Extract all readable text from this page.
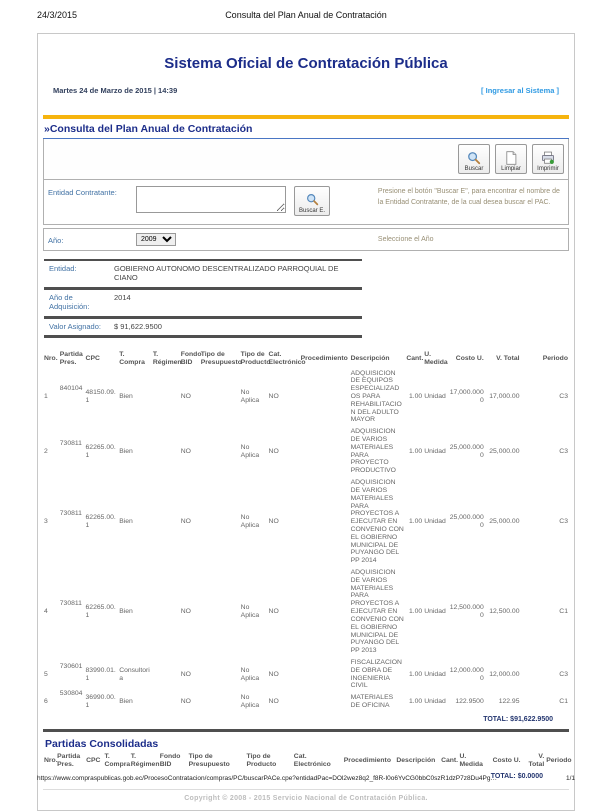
24/3/2015	Consulta del Plan Anual de Contratación
Sistema Oficial de Contratación Pública
Martes 24 de Marzo de 2015 | 14:39	[ Ingresar al Sistema ]
»Consulta del Plan Anual de Contratación
Buscar	Limpiar	Imprimir
Entidad Contratante:
Buscar E.
Presione el botón "Buscar E", para encontrar el nombre de la Entidad Contratante, de la cual desea buscar el PAC.
Año:
2009	Seleccione el Año
Entidad:	GOBIERNO AUTONOMO DESCENTRALIZADO PARROQUIAL DE CIANO
Año de Adquisición:
2014
Valor Asignado:	$ 91,622.9500
Nro.	Partida Pres.	CPC	T. Compra	T. Régimen	Fondo BID	Tipo de Presupuesto	Tipo de Producto	Cat. Electrónico	Procedimiento	Descripción	Cant.	U. Medida	Costo U.	V. Total	Periodo
1	840104	48150.09.1	Bien		NO		No Aplica	NO		ADQUISICION DE EQUIPOS ESPECIALIZADOS PARA REHABILITACION DEL ADULTO MAYOR	1.00	Unidad	17,000.0000	17,000.00	C3
2	730811	62265.00.1	Bien		NO		No Aplica	NO		ADQUISICION DE VARIOS MATERIALES PARA PROYECTO PRODUCTIVO	1.00	Unidad	25,000.0000	25,000.00	C3
3	730811	62265.00.1	Bien		NO		No Aplica	NO		ADQUISICION DE VARIOS MATERIALES PARA PROYECTOS A EJECUTAR EN CONVENIO CON EL GOBIERNO MUNICIPAL DE PUYANGO DEL PP 2014	1.00	Unidad	25,000.0000	25,000.00	C3
4	730811	62265.00.1	Bien		NO		No Aplica	NO		ADQUISICION DE VARIOS MATERIALES PARA PROYECTOS A EJECUTAR EN CONVENIO CON EL GOBIERNO MUNICIPAL DE PUYANGO DEL PP 2013	1.00	Unidad	12,500.0000	12,500.00	C1
5	730601	83990.01.1	Consultoria		NO		No Aplica	NO		FISCALIZACION DE OBRA DE INGENIERIA CIVIL	1.00	Unidad	12,000.0000	12,000.00	C3
6	530804	36990.00.1	Bien		NO		No Aplica	NO		MATERIALES DE OFICINA	1.00	Unidad	122.9500	122.95	C1
TOTAL: $91,622.9500
Partidas Consolidadas
Nro.	Partida Pres.	CPC	T. Compra	T. Régimen	Fondo BID	Tipo de Presupuesto	Tipo de Producto	Cat. Electrónico	Procedimiento	Descripción	Cant.	U. Medida	Costo U.	V. Total	Periodo
TOTAL: $0.0000
Copyright © 2008 - 2015 Servicio Nacional de Contratación Pública.
https://www.compraspublicas.gob.ec/ProcesoContratacion/compras/PC/buscarPACe.cpe?entidadPac=DOl2wez8q2_f8R-I0o6YvCG0bbC0szR1dzP7z8Du4Pg…	1/1
